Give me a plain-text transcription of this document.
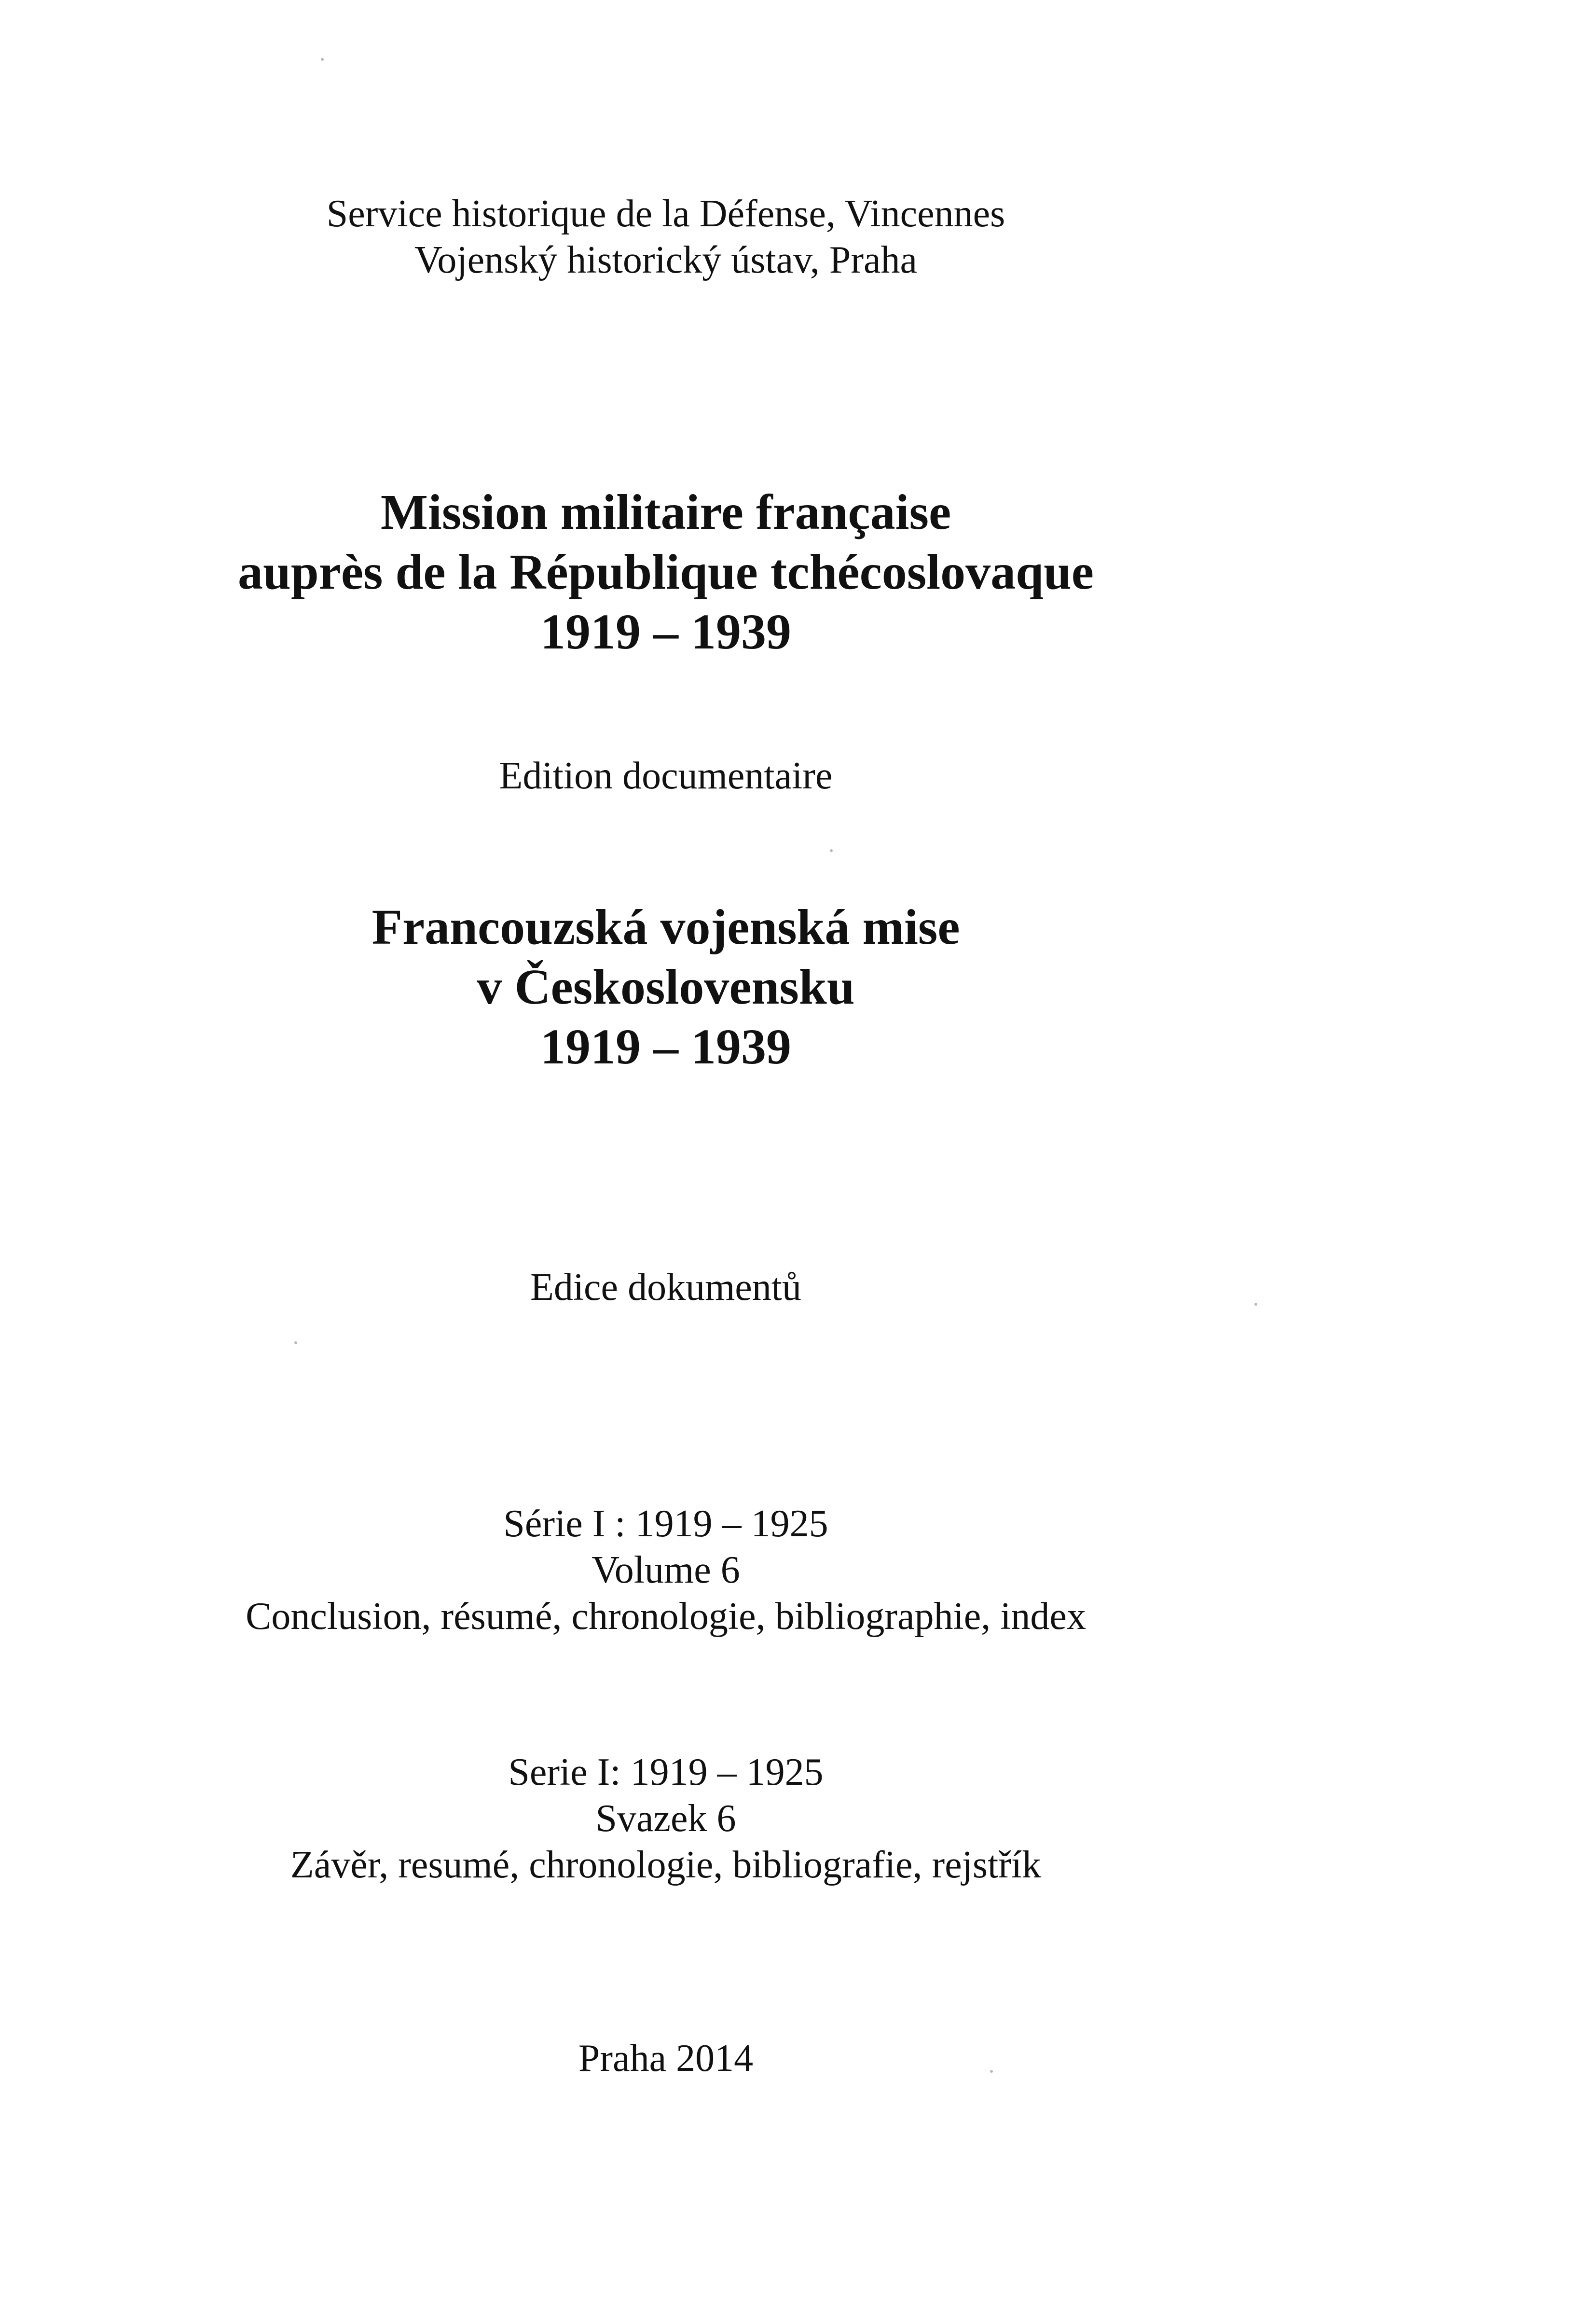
Service historique de la Défense, Vincennes
Vojenský historický ústav, Praha
Mission militaire française
auprès de la République tchécoslovaque
1919 – 1939
Edition documentaire
Francouzská vojenská mise
v Československu
1919 – 1939
Edice dokumentů
Série I : 1919 – 1925
Volume 6
Conclusion, résumé, chronologie, bibliographie, index
Serie I: 1919 – 1925
Svazek 6
Závěr, resumé, chronologie, bibliografie, rejstřík
Praha 2014
